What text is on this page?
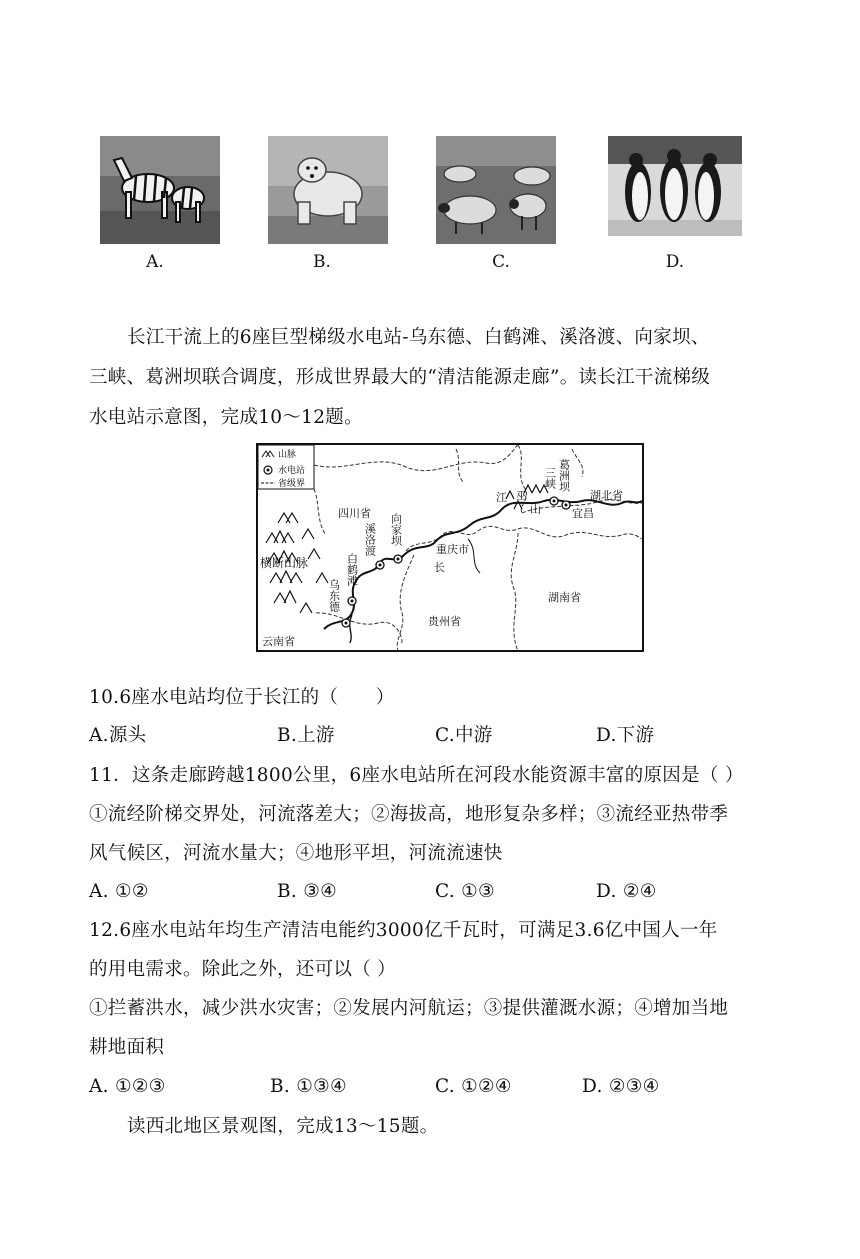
A.	B.	C.	D.
长江干流上的6座巨型梯级水电站-乌东德、白鹤滩、溪洛渡、向家坝、
三峡、葛洲坝联合调度，形成世界最大的“清洁能源走廊”。读长江干流梯级
水电站示意图，完成10～12题。
山脉
水电站
省级界
四川省
湖北省
宜昌
重庆市
贵州省
湖南省
云南省
江 巫
山
长
横断山脉
三峡 葛洲坝
向家坝
溪洛渡
白鹤滩
乌东德
10.6座水电站均位于长江的（　　）
A.源头	B.上游	C.中游	D.下游
11．这条走廊跨越1800公里，6座水电站所在河段水能资源丰富的原因是（ ）
①流经阶梯交界处，河流落差大；②海拔高，地形复杂多样；③流经亚热带季
风气候区，河流水量大；④地形平坦，河流流速快
A. ①②	B. ③④	C. ①③	D. ②④
12.6座水电站年均生产清洁电能约3000亿千瓦时，可满足3.6亿中国人一年
的用电需求。除此之外，还可以（ ）
①拦蓄洪水，减少洪水灾害；②发展内河航运；③提供灌溉水源；④增加当地
耕地面积
A. ①②③	B. ①③④	C. ①②④	D. ②③④
读西北地区景观图，完成13～15题。
